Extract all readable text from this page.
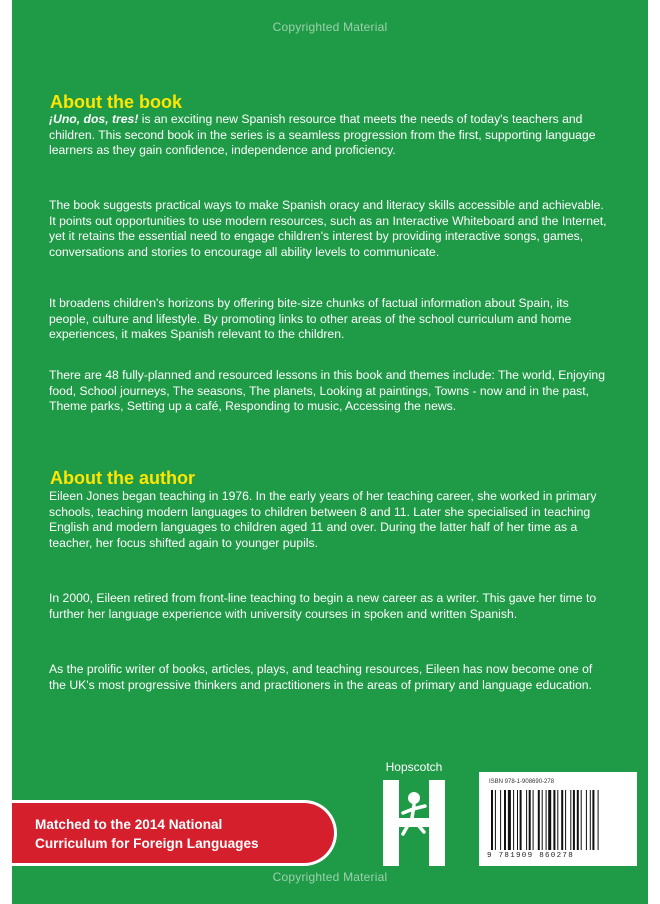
Copyrighted Material
About the book

¡Uno, dos, tres! is an exciting new Spanish resource that meets the needs of today's teachers and children. This second book in the series is a seamless progression from the first, supporting language learners as they gain confidence, independence and proficiency.

The book suggests practical ways to make Spanish oracy and literacy skills accessible and achievable. It points out opportunities to use modern resources, such as an Interactive Whiteboard and the Internet, yet it retains the essential need to engage children's interest by providing interactive songs, games, conversations and stories to encourage all ability levels to communicate.

It broadens children's horizons by offering bite-size chunks of factual information about Spain, its people, culture and lifestyle. By promoting links to other areas of the school curriculum and home experiences, it makes Spanish relevant to the children.

There are 48 fully-planned and resourced lessons in this book and themes include: The world, Enjoying food, School journeys, The seasons, The planets, Looking at paintings, Towns - now and in the past, Theme parks, Setting up a café, Responding to music, Accessing the news.

About the author

Eileen Jones began teaching in 1976. In the early years of her teaching career, she worked in primary schools, teaching modern languages to children between 8 and 11. Later she specialised in teaching English and modern languages to children aged 11 and over. During the latter half of her time as a teacher, her focus shifted again to younger pupils.

In 2000, Eileen retired from front-line teaching to begin a new career as a writer. This gave her time to further her language experience with university courses in spoken and written Spanish.

As the prolific writer of books, articles, plays, and teaching resources, Eileen has now become one of the UK's most progressive thinkers and practitioners in the areas of primary and language education.

Matched to the 2014 National
Curriculum for Foreign Languages
Hopscotch
ISBN 978-1-908690-278
9 781909 860278
Copyrighted Material
